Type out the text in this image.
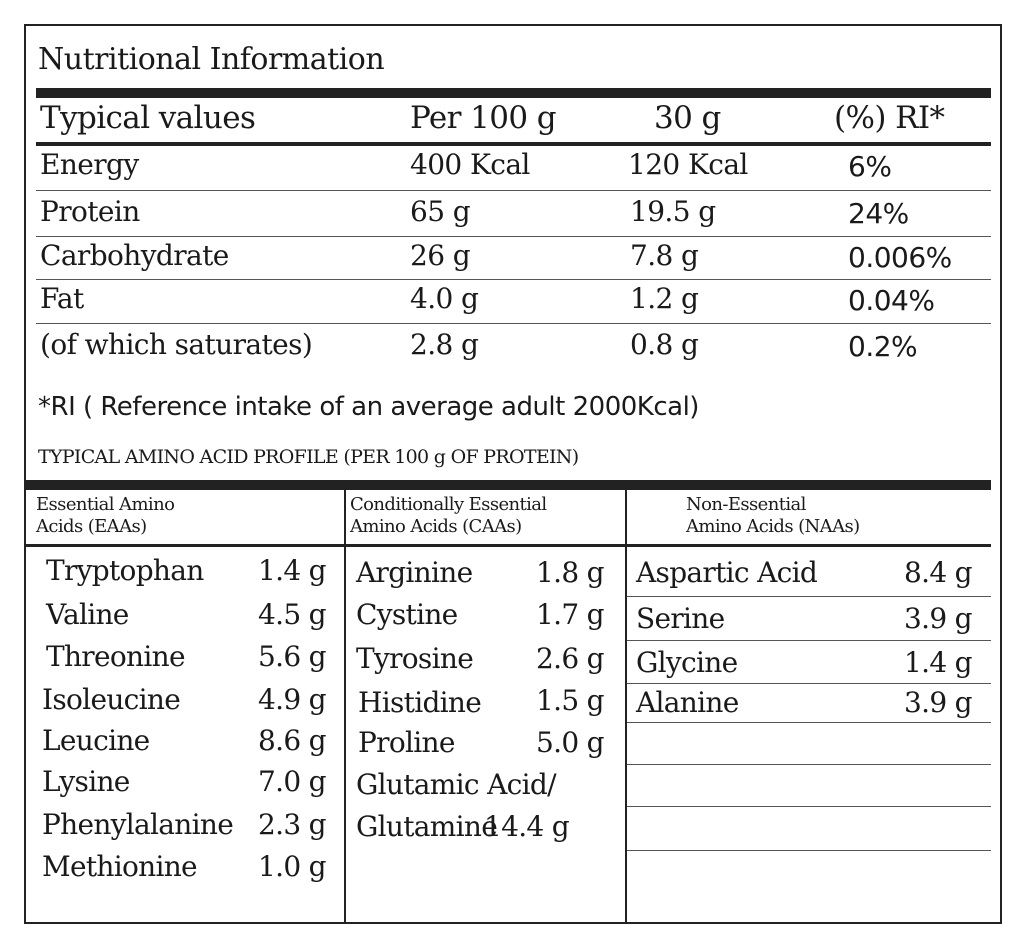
Nutritional Information
Typical values	Per 100 g	30 g	(%) RI*
Energy	400 Kcal	120 Kcal	6%
Protein	65 g	19.5 g	24%
Carbohydrate	26 g	7.8 g	0.006%
Fat	4.0 g	1.2 g	0.04%
(of which saturates)	2.8 g	0.8 g	0.2%
*RI ( Reference intake of an average adult 2000Kcal)
TYPICAL AMINO ACID PROFILE (PER 100 g OF PROTEIN)
Essential Amino
Acids (EAAs)
Conditionally Essential
Amino Acids (CAAs)
Non-Essential
Amino Acids (NAAs)
Tryptophan 1.4 g
Valine	4.5 g
Threonine	5.6 g
Isoleucine	4.9 g
Leucine	8.6 g
Lysine	7.0 g
Phenylalanine 2.3 g
Methionine 1.0 g
Arginine 1.8 g
Cystine	1.7 g
Tyrosine 2.6 g
Histidine 1.5 g
Proline	5.0 g
Glutamic Acid/
Glutamine
14.4 g
Aspartic Acid	8.4 g
Serine	3.9 g
Glycine	1.4 g
Alanine	3.9 g
